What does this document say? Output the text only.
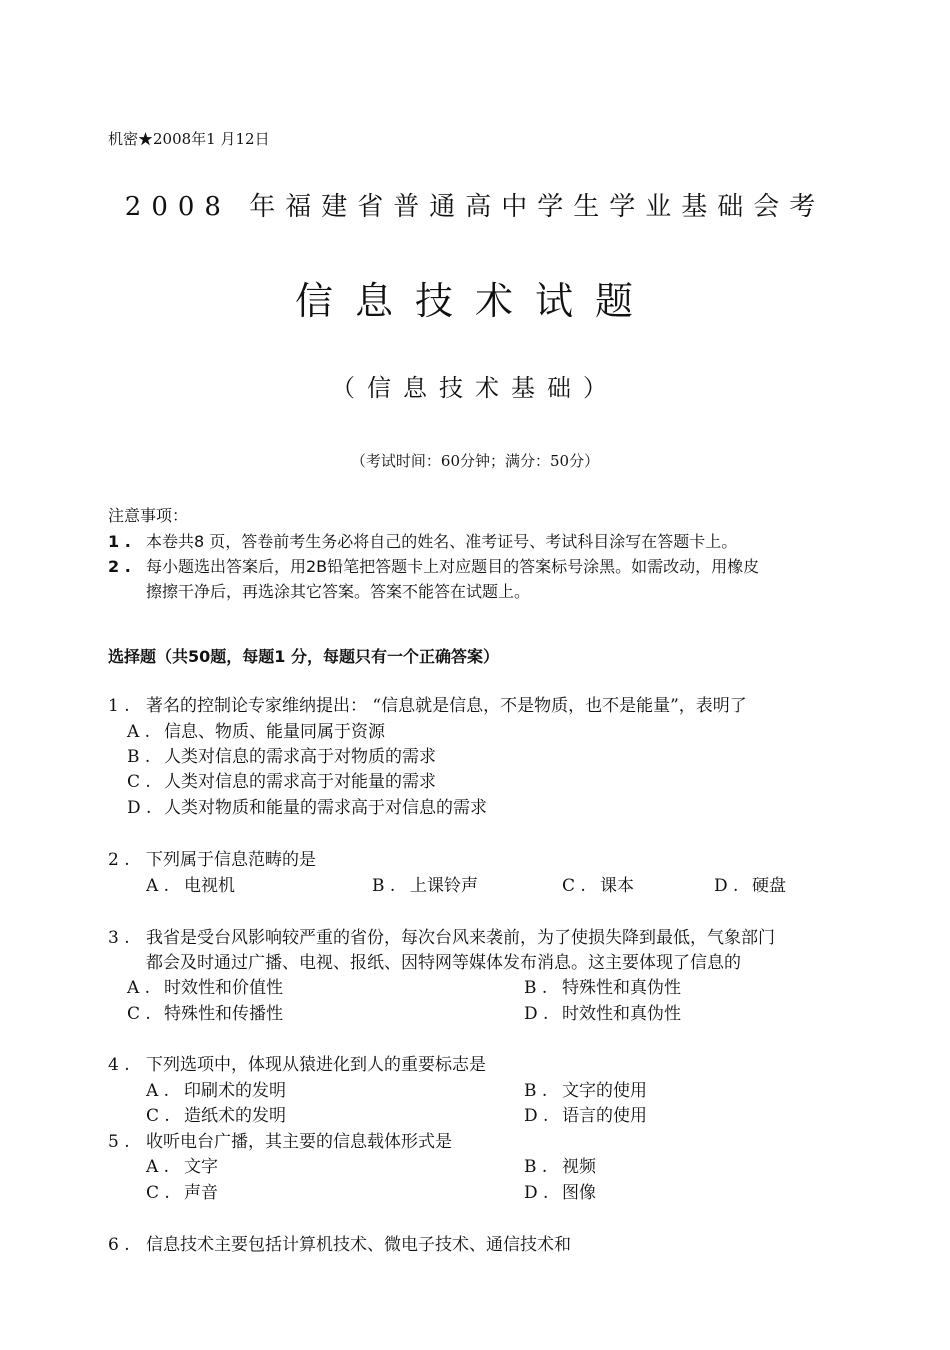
机密★2008年1 月12日
2008 年福建省普通高中学生学业基础会考
信息技术试题
（信息技术基础）
（考试时间：60分钟；满分：50分）
注意事项：
1 . 本卷共8 页，答卷前考生务必将自己的姓名、准考证号、考试科目涂写在答题卡上。
2 . 每小题选出答案后，用2B铅笔把答题卡上对应题目的答案标号涂黑。如需改动，用橡皮
擦擦干净后，再选涂其它答案。答案不能答在试题上。
选择题（共50题，每题1 分，每题只有一个正确答案）
1 . 著名的控制论专家维纳提出： “信息就是信息，不是物质，也不是能量”，表明了
A . 信息、物质、能量同属于资源
B . 人类对信息的需求高于对物质的需求
C . 人类对信息的需求高于对能量的需求
D . 人类对物质和能量的需求高于对信息的需求
2 . 下列属于信息范畴的是
A . 电视机	B . 上课铃声	C . 课本	D . 硬盘
3 . 我省是受台风影响较严重的省份，每次台风来袭前，为了使损失降到最低，气象部门
都会及时通过广播、电视、报纸、因特网等媒体发布消息。这主要体现了信息的
A . 时效性和价值性	B . 特殊性和真伪性
C . 特殊性和传播性	D . 时效性和真伪性
4 . 下列选项中，体现从猿进化到人的重要标志是
A . 印刷术的发明	B . 文字的使用
C . 造纸术的发明	D . 语言的使用
5 . 收听电台广播，其主要的信息载体形式是
A . 文字	B . 视频
C . 声音	D . 图像
6 . 信息技术主要包括计算机技术、微电子技术、通信技术和
